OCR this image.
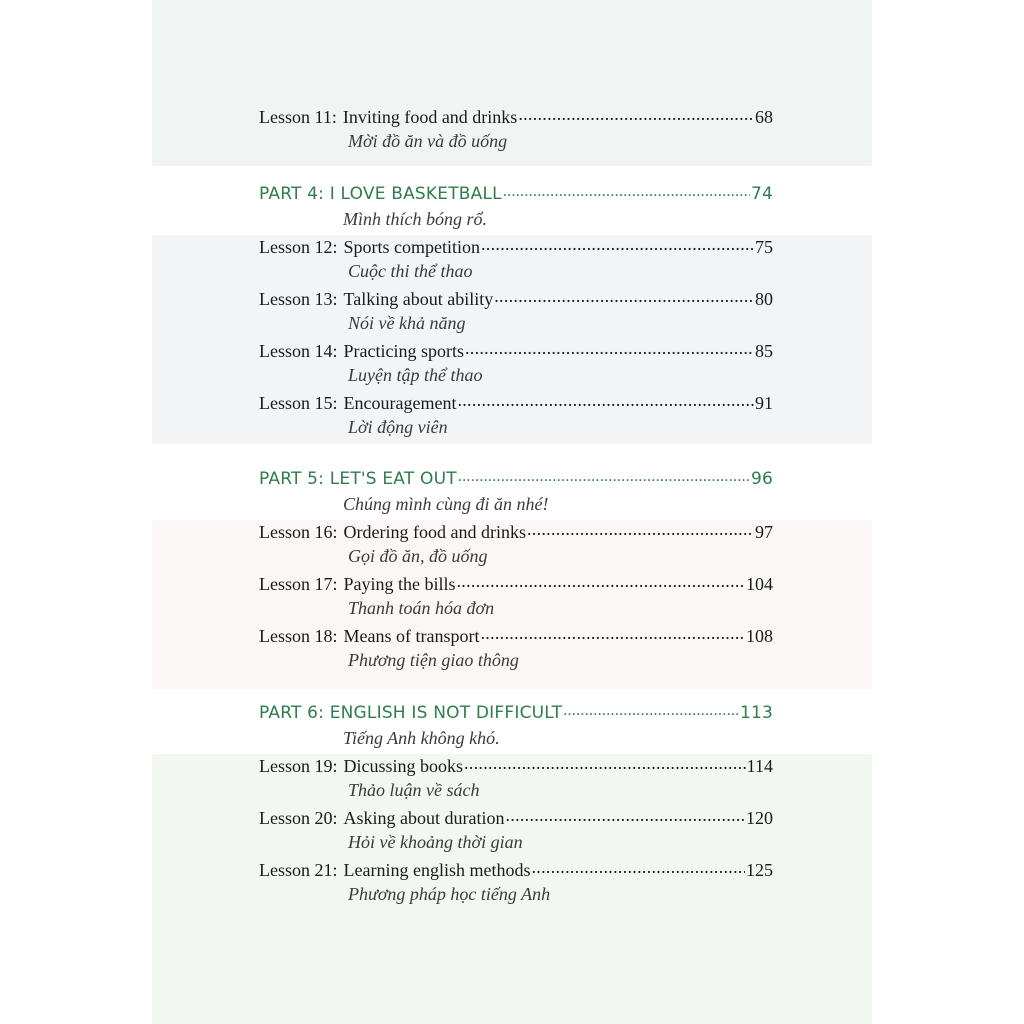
Lesson 11: Inviting food and drinks .....	68
Mời đồ ăn và đồ uống
PART 4: I LOVE BASKETBALL .....	74
Mình thích bóng rổ.
Lesson 12: Sports competition .....	75
Cuộc thi thể thao
Lesson 13: Talking about ability .....	80
Nói về khả năng
Lesson 14: Practicing sports .....	85
Luyện tập thể thao
Lesson 15: Encouragement .....	91
Lời động viên
PART 5: LET'S EAT OUT .....	96
Chúng mình cùng đi ăn nhé!
Lesson 16: Ordering food and drinks .....	97
Gọi đồ ăn, đồ uống
Lesson 17: Paying the bills .....	104
Thanh toán hóa đơn
Lesson 18: Means of transport .....	108
Phương tiện giao thông
PART 6: ENGLISH IS NOT DIFFICULT .....	113
Tiếng Anh không khó.
Lesson 19: Dicussing books .....	114
Thảo luận về sách
Lesson 20: Asking about duration .....	120
Hỏi về khoảng thời gian
Lesson 21: Learning english methods .....	125
Phương pháp học tiếng Anh
